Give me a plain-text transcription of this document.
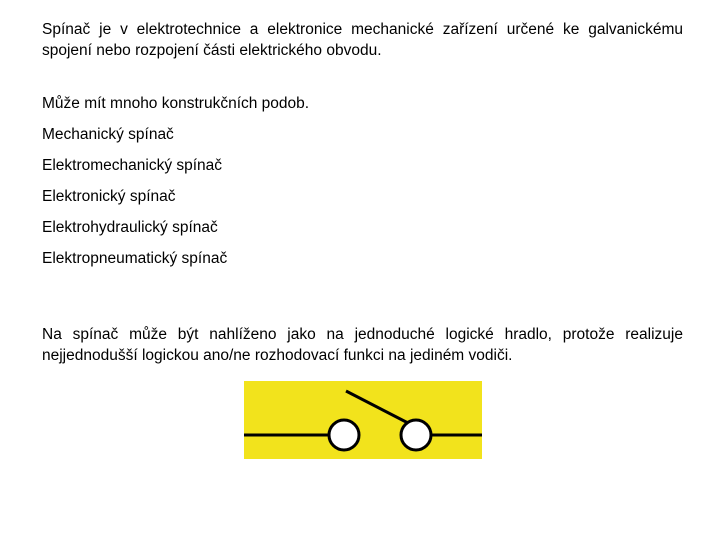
Spínač je v elektrotechnice a elektronice mechanické zařízení určené ke galvanickému spojení nebo rozpojení části elektrického obvodu.

Může mít mnoho konstrukčních podob.
Mechanický spínač
Elektromechanický spínač
Elektronický spínač
Elektrohydraulický spínač
Elektropneumatický spínač

Na spínač může být nahlíženo jako na jednoduché logické hradlo, protože realizuje nejjednodušší logickou ano/ne rozhodovací funkci na jediném vodiči.
